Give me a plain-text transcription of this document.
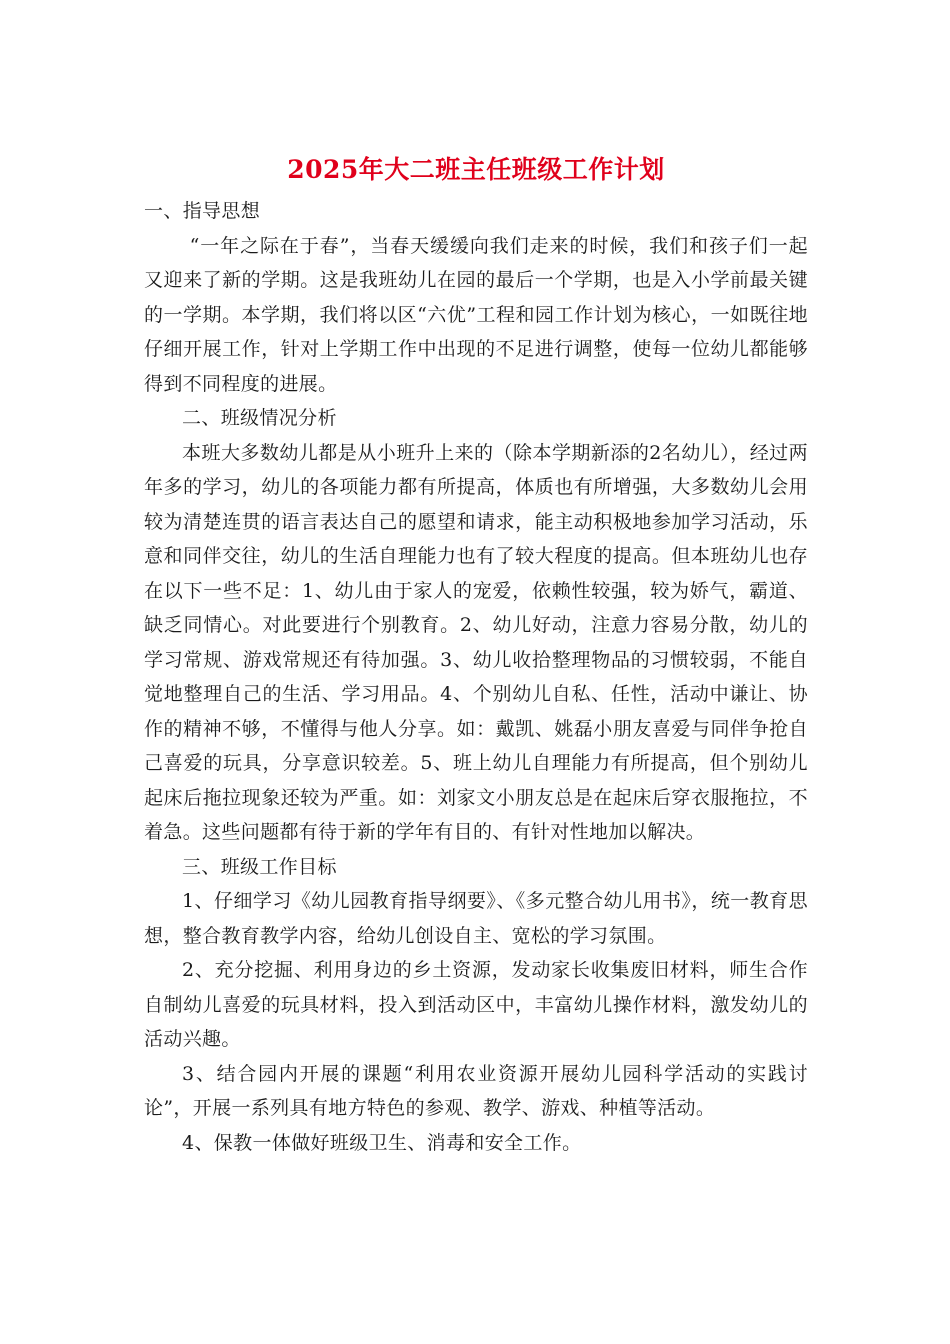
2025年大二班主任班级工作计划

一、指导思想

“一年之际在于春”，当春天缓缓向我们走来的时候，我们和孩子们一起又迎来了新的学期。这是我班幼儿在园的最后一个学期，也是入小学前最关键的一学期。本学期，我们将以区“六优”工程和园工作计划为核心，一如既往地仔细开展工作，针对上学期工作中出现的不足进行调整，使每一位幼儿都能够得到不同程度的进展。

二、班级情况分析

本班大多数幼儿都是从小班升上来的（除本学期新添的2名幼儿），经过两年多的学习，幼儿的各项能力都有所提高，体质也有所增强，大多数幼儿会用较为清楚连贯的语言表达自己的愿望和请求，能主动积极地参加学习活动，乐意和同伴交往，幼儿的生活自理能力也有了较大程度的提高。但本班幼儿也存在以下一些不足：1、幼儿由于家人的宠爱，依赖性较强，较为娇气，霸道、缺乏同情心。对此要进行个别教育。2、幼儿好动，注意力容易分散，幼儿的学习常规、游戏常规还有待加强。3、幼儿收拾整理物品的习惯较弱，不能自觉地整理自己的生活、学习用品。4、个别幼儿自私、任性，活动中谦让、协作的精神不够，不懂得与他人分享。如：戴凯、姚磊小朋友喜爱与同伴争抢自己喜爱的玩具，分享意识较差。5、班上幼儿自理能力有所提高，但个别幼儿起床后拖拉现象还较为严重。如：刘家文小朋友总是在起床后穿衣服拖拉，不着急。这些问题都有待于新的学年有目的、有针对性地加以解决。

三、班级工作目标

1、仔细学习《幼儿园教育指导纲要》、《多元整合幼儿用书》，统一教育思想，整合教育教学内容，给幼儿创设自主、宽松的学习氛围。

2、充分挖掘、利用身边的乡土资源，发动家长收集废旧材料，师生合作自制幼儿喜爱的玩具材料，投入到活动区中，丰富幼儿操作材料，激发幼儿的活动兴趣。

3、结合园内开展的课题“利用农业资源开展幼儿园科学活动的实践讨论”，开展一系列具有地方特色的参观、教学、游戏、种植等活动。

4、保教一体做好班级卫生、消毒和安全工作。
